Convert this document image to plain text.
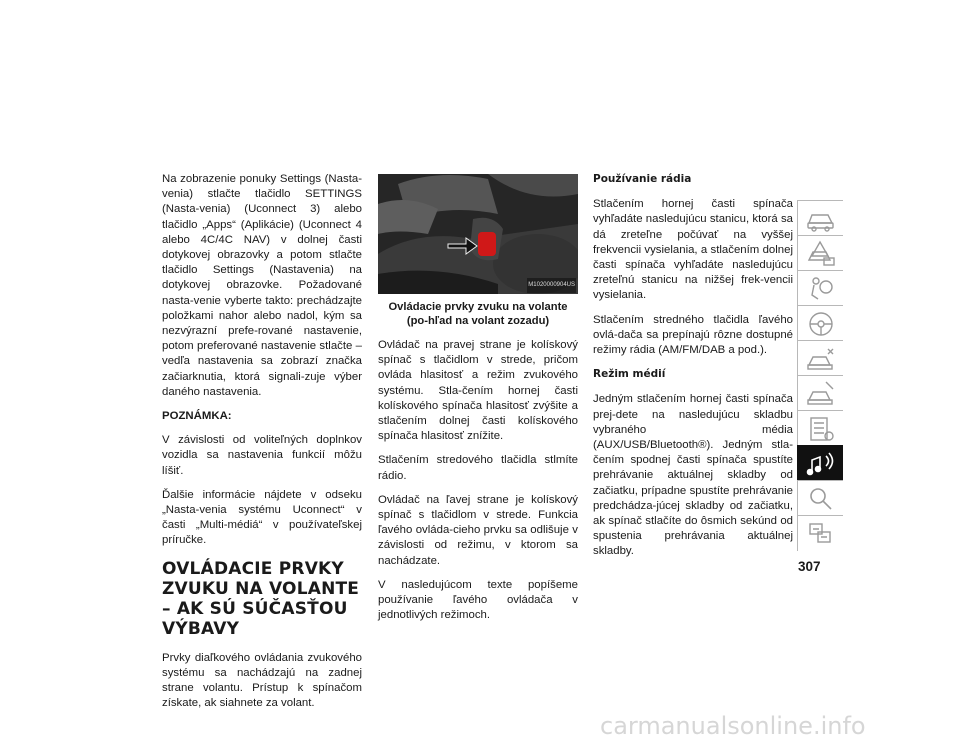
Na zobrazenie ponuky Settings (Nasta-venia) stlačte tlačidlo SETTINGS (Nasta-venia) (Uconnect 3) alebo tlačidlo „Apps“ (Aplikácie) (Uconnect 4 alebo 4C/4C NAV) v dolnej časti dotykovej obrazovky a potom stlačte tlačidlo Settings (Nastavenia) na dotykovej obrazovke. Požadované nasta-venie vyberte takto: prechádzajte položkami nahor alebo nadol, kým sa nezvýrazní prefe-rované nastavenie, potom preferované nastavenie stlačte – vedľa nastavenia sa zobrazí značka začiarknutia, ktorá signali-zuje výber daného nastavenia.

POZNÁMKA:

V závislosti od voliteľných doplnkov vozidla sa nastavenia funkcií môžu líšiť.

Ďalšie informácie nájdete v odseku „Nasta-venia systému Uconnect“ v časti „Multi-médiá“ v používateľskej príručke.

OVLÁDACIE PRVKY ZVUKU NA VOLANTE – AK SÚ SÚČASŤOU VÝBAVY

Prvky diaľkového ovládania zvukového systému sa nachádzajú na zadnej strane volantu. Prístup k spínačom získate, ak siahnete za volant.

M1020000904US
Ovládacie prvky zvuku na volante (po-hľad na volant zozadu)

Ovládač na pravej strane je kolískový spínač s tlačidlom v strede, pričom ovláda hlasitosť a režim zvukového systému. Stla-čením hornej časti kolískového spínača hlasitosť zvýšite a stlačením dolnej časti kolískového spínača hlasitosť znížite.

Stlačením stredového tlačidla stlmíte rádio.

Ovládač na ľavej strane je kolískový spínač s tlačidlom v strede. Funkcia ľavého ovláda-cieho prvku sa odlišuje v závislosti od režimu, v ktorom sa nachádzate.

V nasledujúcom texte popíšeme používanie ľavého ovládača v jednotlivých režimoch.

Používanie rádia

Stlačením hornej časti spínača vyhľadáte nasledujúcu stanicu, ktorá sa dá zreteľne počúvať na vyššej frekvencii vysielania, a stlačením dolnej časti spínača vyhľadáte nasledujúcu zreteľnú stanicu na nižšej frek-vencii vysielania.

Stlačením stredného tlačidla ľavého ovlá-dača sa prepínajú rôzne dostupné režimy rádia (AM/FM/DAB a pod.).

Režim médií

Jedným stlačením hornej časti spínača prej-dete na nasledujúcu skladbu vybraného média (AUX/USB/Bluetooth®). Jedným stla-čením spodnej časti spínača spustíte prehrávanie aktuálnej skladby od začiatku, prípadne spustíte prehrávanie predchádza-júcej skladby od začiatku, ak spínač stlačíte do ôsmich sekúnd od spustenia prehrávania aktuálnej skladby.

307
carmanualsonline.info
